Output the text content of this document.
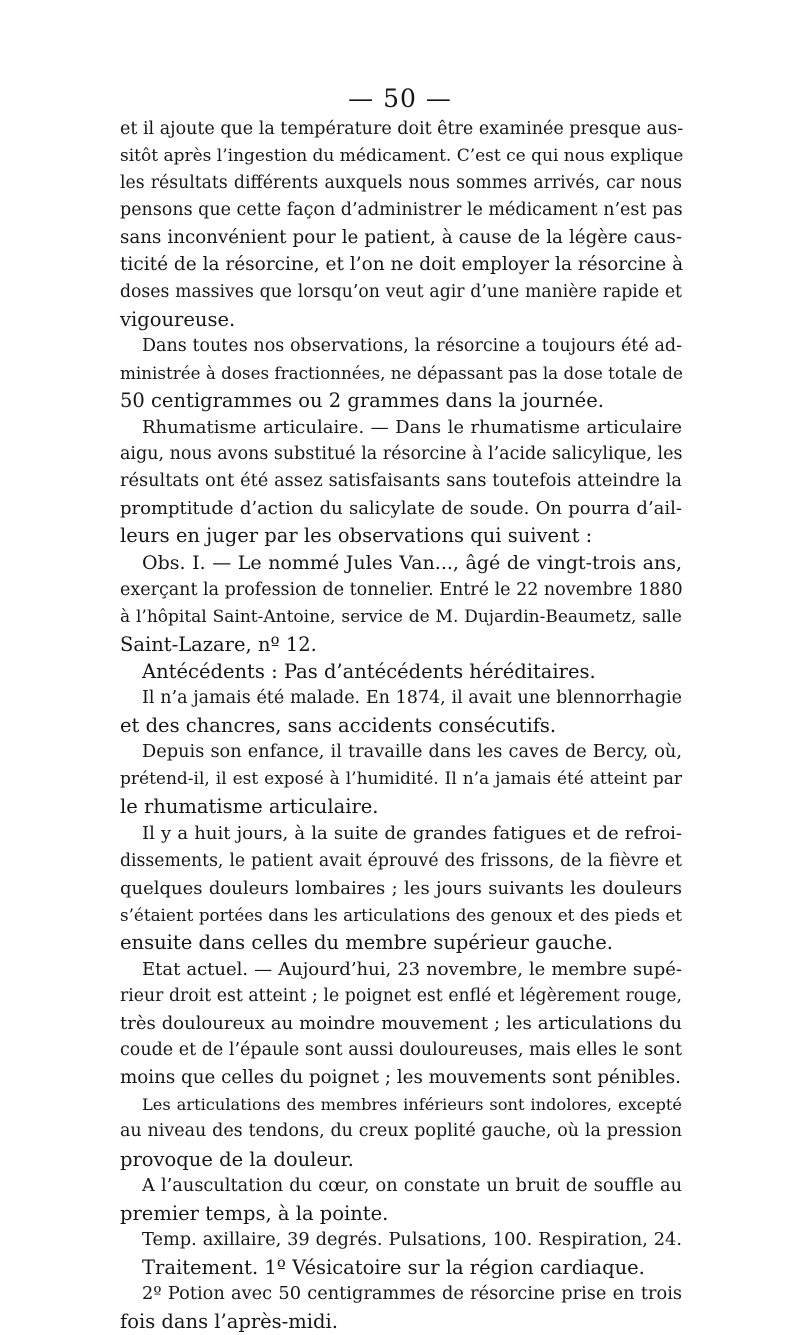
— 50 —
et il ajoute que la température doit être examinée presque aus-
sitôt après l’ingestion du médicament. C’est ce qui nous explique
les résultats différents auxquels nous sommes arrivés, car nous
pensons que cette façon d’administrer le médicament n’est pas
sans inconvénient pour le patient, à cause de la légère caus-
ticité de la résorcine, et l’on ne doit employer la résorcine à
doses massives que lorsqu’on veut agir d’une manière rapide et
vigoureuse.
Dans toutes nos observations, la résorcine a toujours été ad-
ministrée à doses fractionnées, ne dépassant pas la dose totale de
50 centigrammes ou 2 grammes dans la journée.
Rhumatisme articulaire. — Dans le rhumatisme articulaire
aigu, nous avons substitué la résorcine à l’acide salicylique, les
résultats ont été assez satisfaisants sans toutefois atteindre la
promptitude d’action du salicylate de soude. On pourra d’ail-
leurs en juger par les observations qui suivent :
Obs. I. — Le nommé Jules Van..., âgé de vingt-trois ans,
exerçant la profession de tonnelier. Entré le 22 novembre 1880
à l’hôpital Saint-Antoine, service de M. Dujardin-Beaumetz, salle
Saint-Lazare, nº 12.
Antécédents : Pas d’antécédents héréditaires.
Il n’a jamais été malade. En 1874, il avait une blennorrhagie
et des chancres, sans accidents consécutifs.
Depuis son enfance, il travaille dans les caves de Bercy, où,
prétend-il, il est exposé à l’humidité. Il n’a jamais été atteint par
le rhumatisme articulaire.
Il y a huit jours, à la suite de grandes fatigues et de refroi-
dissements, le patient avait éprouvé des frissons, de la fièvre et
quelques douleurs lombaires ; les jours suivants les douleurs
s’étaient portées dans les articulations des genoux et des pieds et
ensuite dans celles du membre supérieur gauche.
Etat actuel. — Aujourd’hui, 23 novembre, le membre supé-
rieur droit est atteint ; le poignet est enflé et légèrement rouge,
très douloureux au moindre mouvement ; les articulations du
coude et de l’épaule sont aussi douloureuses, mais elles le sont
moins que celles du poignet ; les mouvements sont pénibles.
Les articulations des membres inférieurs sont indolores, excepté
au niveau des tendons, du creux poplité gauche, où la pression
provoque de la douleur.
A l’auscultation du cœur, on constate un bruit de souffle au
premier temps, à la pointe.
Temp. axillaire, 39 degrés. Pulsations, 100. Respiration, 24.
Traitement. 1º Vésicatoire sur la région cardiaque.
2º Potion avec 50 centigrammes de résorcine prise en trois
fois dans l’après-midi.
